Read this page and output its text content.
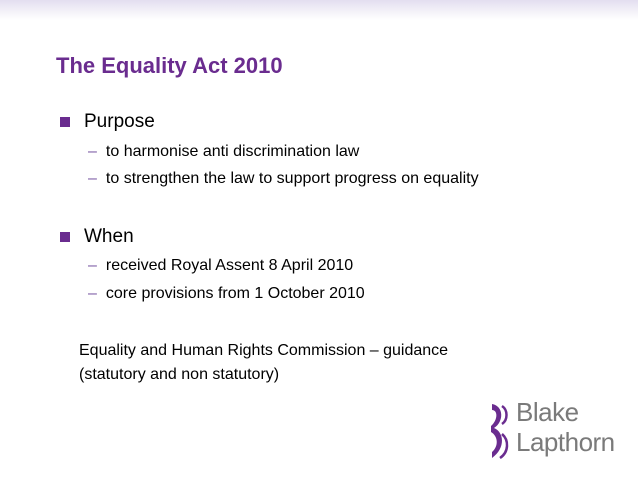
The Equality Act 2010
Purpose
– to harmonise anti discrimination law
– to strengthen the law to support progress on equality
When
– received Royal Assent 8 April 2010
– core provisions from 1 October 2010
Equality and Human Rights Commission – guidance
(statutory and non statutory)
Blake
Lapthorn
